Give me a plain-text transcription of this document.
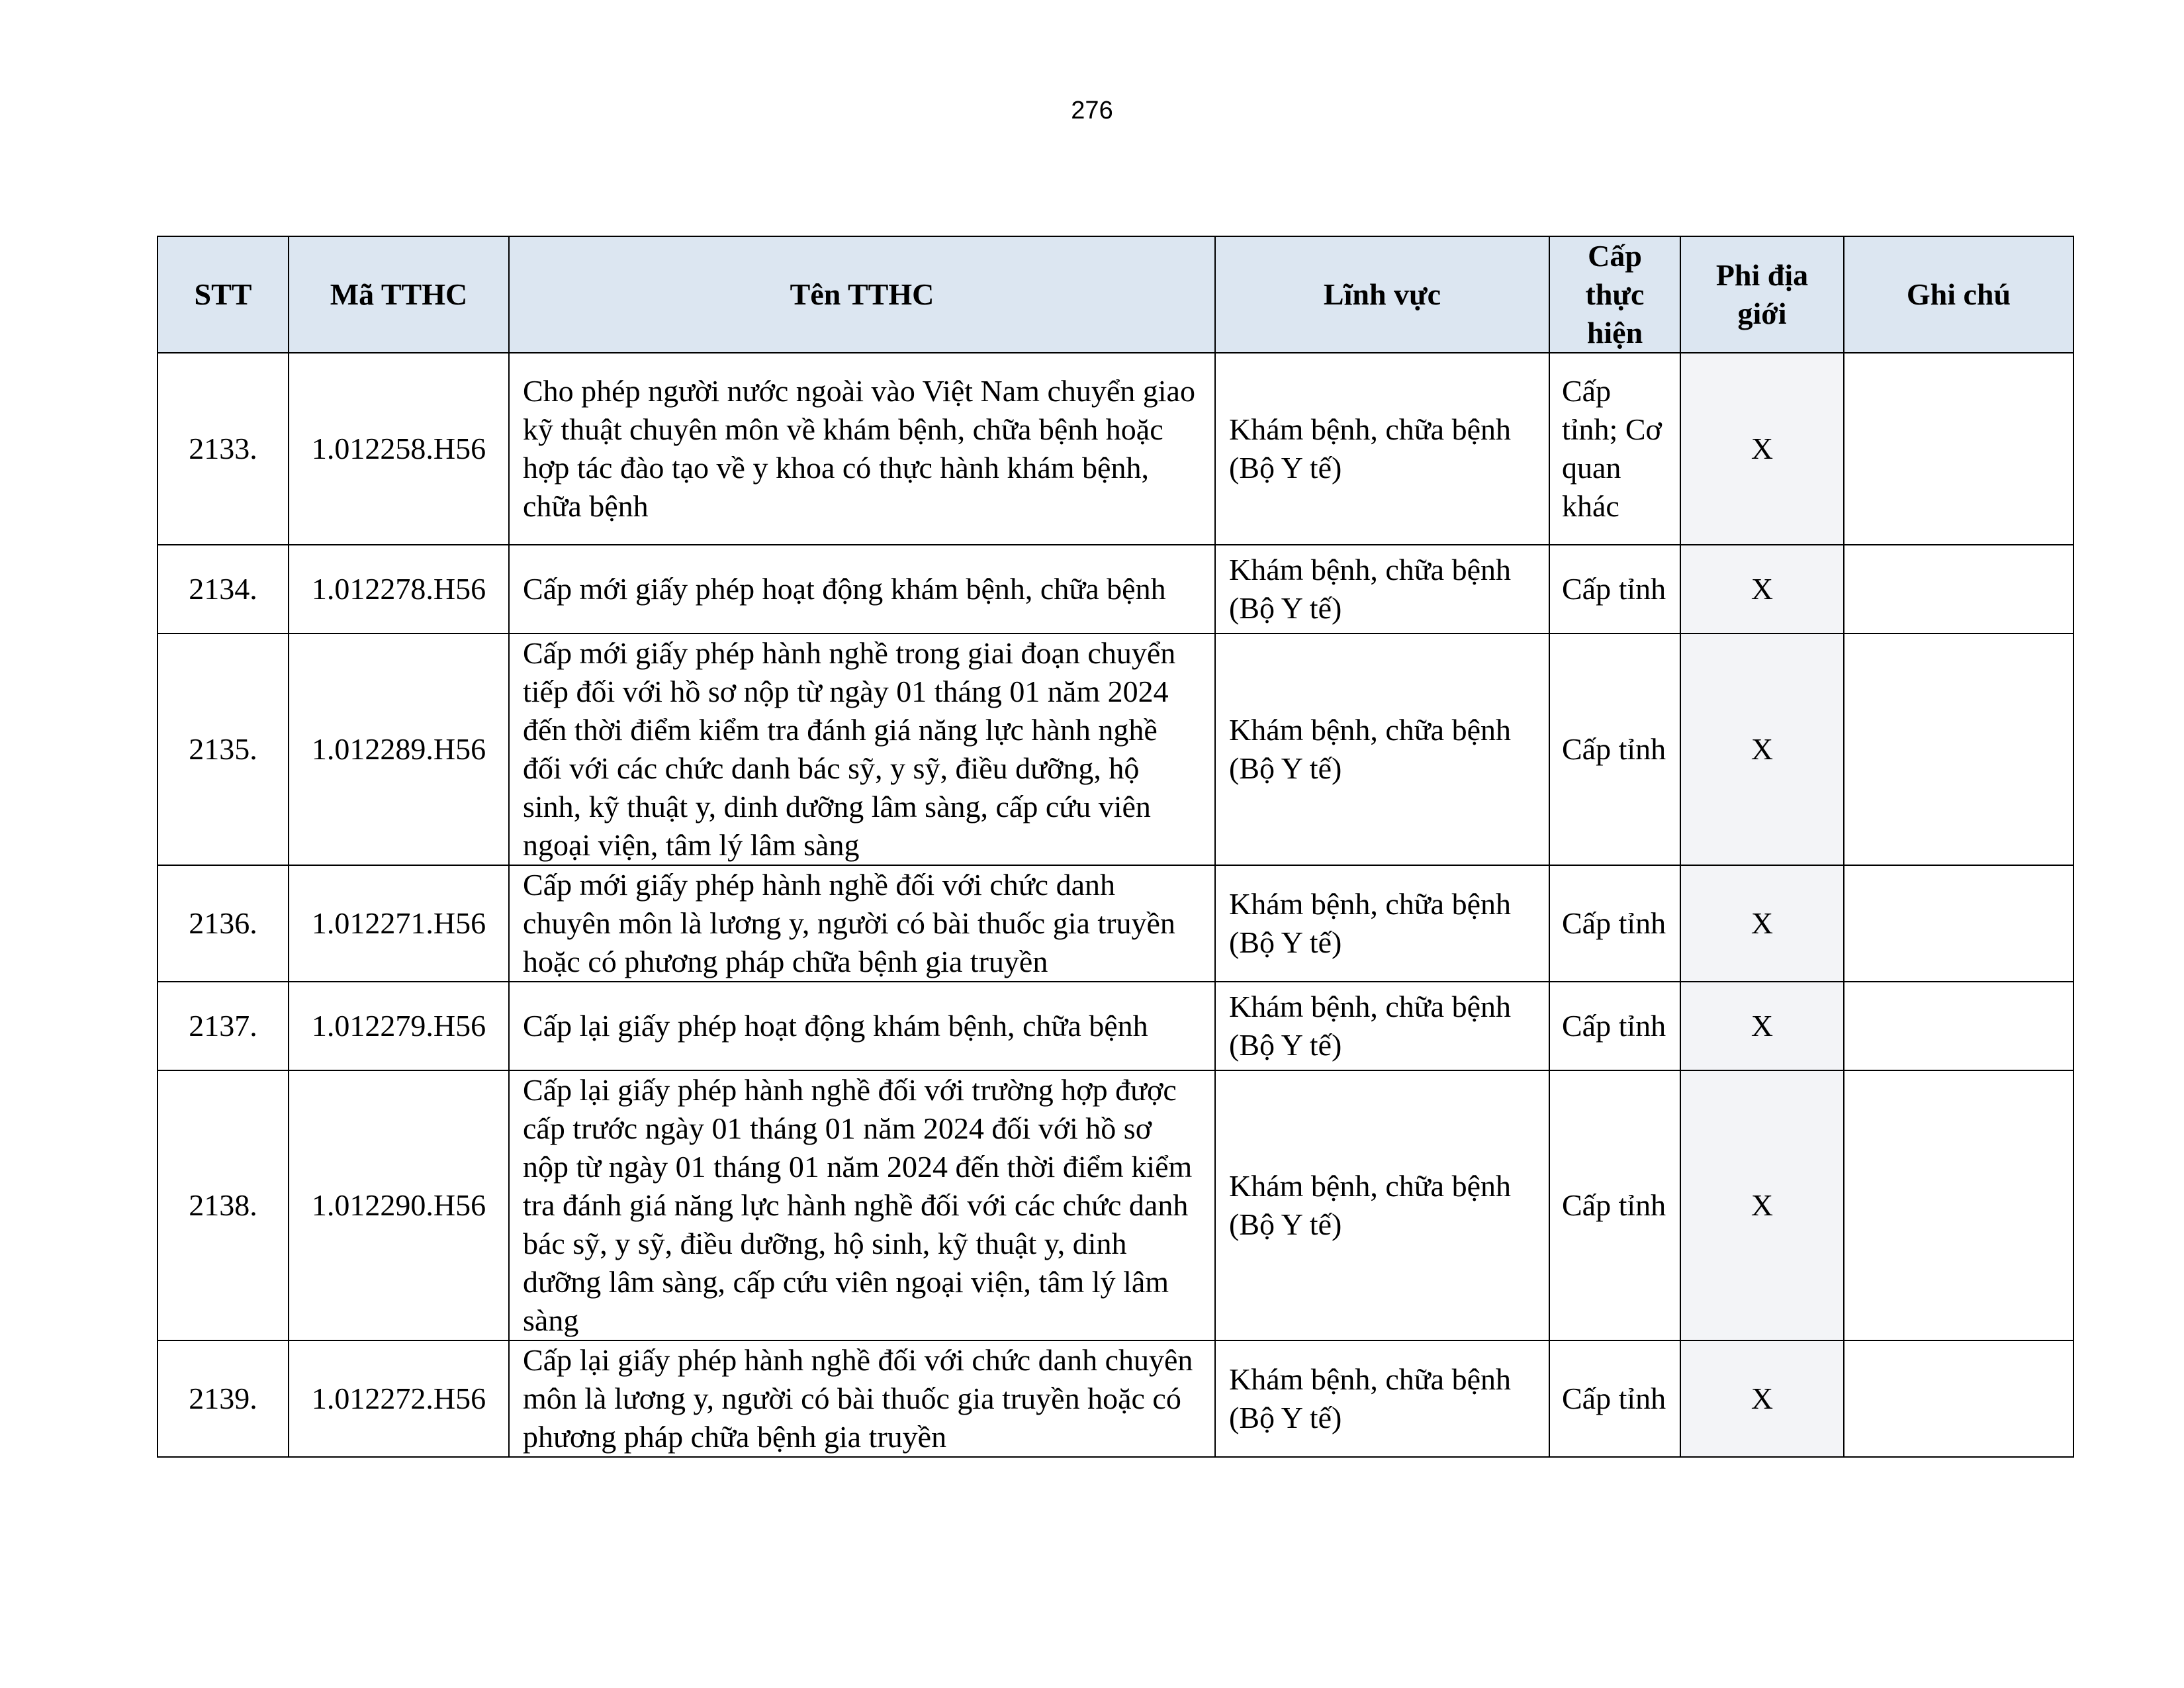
276
STT	Mã TTHC	Tên TTHC	Lĩnh vực	Cấp thực hiện	Phi địa giới	Ghi chú
2133.	1.012258.H56	Cho phép người nước ngoài vào Việt Nam chuyển giao kỹ thuật chuyên môn về khám bệnh, chữa bệnh hoặc hợp tác đào tạo về y khoa có thực hành khám bệnh, chữa bệnh	Khám bệnh, chữa bệnh (Bộ Y tế)	Cấp tỉnh; Cơ quan khác	X	
2134.	1.012278.H56	Cấp mới giấy phép hoạt động khám bệnh, chữa bệnh	Khám bệnh, chữa bệnh (Bộ Y tế)	Cấp tỉnh	X	
2135.	1.012289.H56	Cấp mới giấy phép hành nghề trong giai đoạn chuyển tiếp đối với hồ sơ nộp từ ngày 01 tháng 01 năm 2024 đến thời điểm kiểm tra đánh giá năng lực hành nghề đối với các chức danh bác sỹ, y sỹ, điều dưỡng, hộ sinh, kỹ thuật y, dinh dưỡng lâm sàng, cấp cứu viên ngoại viện, tâm lý lâm sàng	Khám bệnh, chữa bệnh (Bộ Y tế)	Cấp tỉnh	X	
2136.	1.012271.H56	Cấp mới giấy phép hành nghề đối với chức danh chuyên môn là lương y, người có bài thuốc gia truyền hoặc có phương pháp chữa bệnh gia truyền	Khám bệnh, chữa bệnh (Bộ Y tế)	Cấp tỉnh	X	
2137.	1.012279.H56	Cấp lại giấy phép hoạt động khám bệnh, chữa bệnh	Khám bệnh, chữa bệnh (Bộ Y tế)	Cấp tỉnh	X	
2138.	1.012290.H56	Cấp lại giấy phép hành nghề đối với trường hợp được cấp trước ngày 01 tháng 01 năm 2024 đối với hồ sơ nộp từ ngày 01 tháng 01 năm 2024 đến thời điểm kiểm tra đánh giá năng lực hành nghề đối với các chức danh bác sỹ, y sỹ, điều dưỡng, hộ sinh, kỹ thuật y, dinh dưỡng lâm sàng, cấp cứu viên ngoại viện, tâm lý lâm sàng	Khám bệnh, chữa bệnh (Bộ Y tế)	Cấp tỉnh	X	
2139.	1.012272.H56	Cấp lại giấy phép hành nghề đối với chức danh chuyên môn là lương y, người có bài thuốc gia truyền hoặc có phương pháp chữa bệnh gia truyền	Khám bệnh, chữa bệnh (Bộ Y tế)	Cấp tỉnh	X	
